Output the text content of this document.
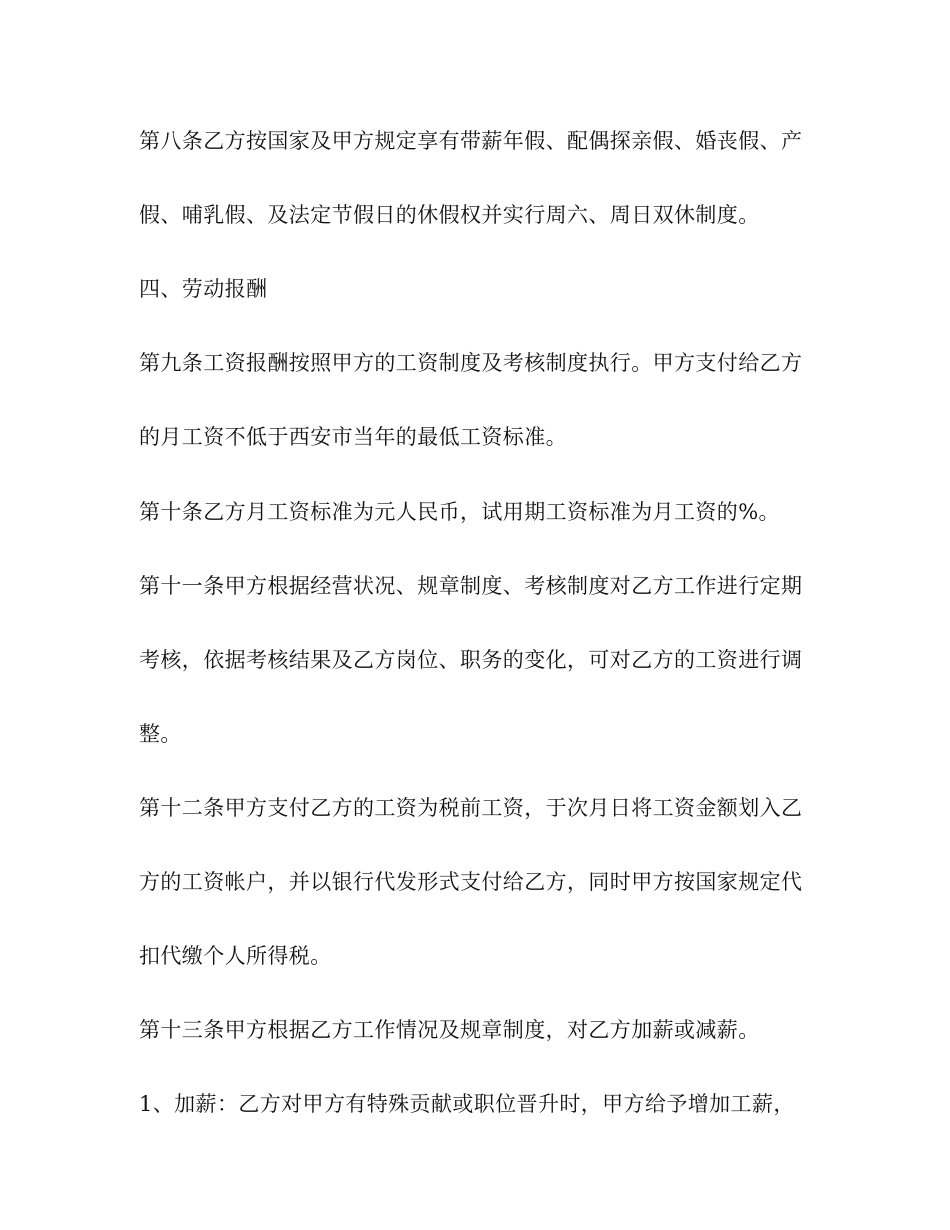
第八条乙方按国家及甲方规定享有带薪年假、配偶探亲假、婚丧假、产
假、哺乳假、及法定节假日的休假权并实行周六、周日双休制度。
四、劳动报酬
第九条工资报酬按照甲方的工资制度及考核制度执行。甲方支付给乙方
的月工资不低于西安市当年的最低工资标准。
第十条乙方月工资标准为元人民币，试用期工资标准为月工资的%。
第十一条甲方根据经营状况、规章制度、考核制度对乙方工作进行定期
考核，依据考核结果及乙方岗位、职务的变化，可对乙方的工资进行调
整。
第十二条甲方支付乙方的工资为税前工资，于次月日将工资金额划入乙
方的工资帐户，并以银行代发形式支付给乙方，同时甲方按国家规定代
扣代缴个人所得税。
第十三条甲方根据乙方工作情况及规章制度，对乙方加薪或减薪。
1、加薪：乙方对甲方有特殊贡献或职位晋升时，甲方给予增加工薪，
